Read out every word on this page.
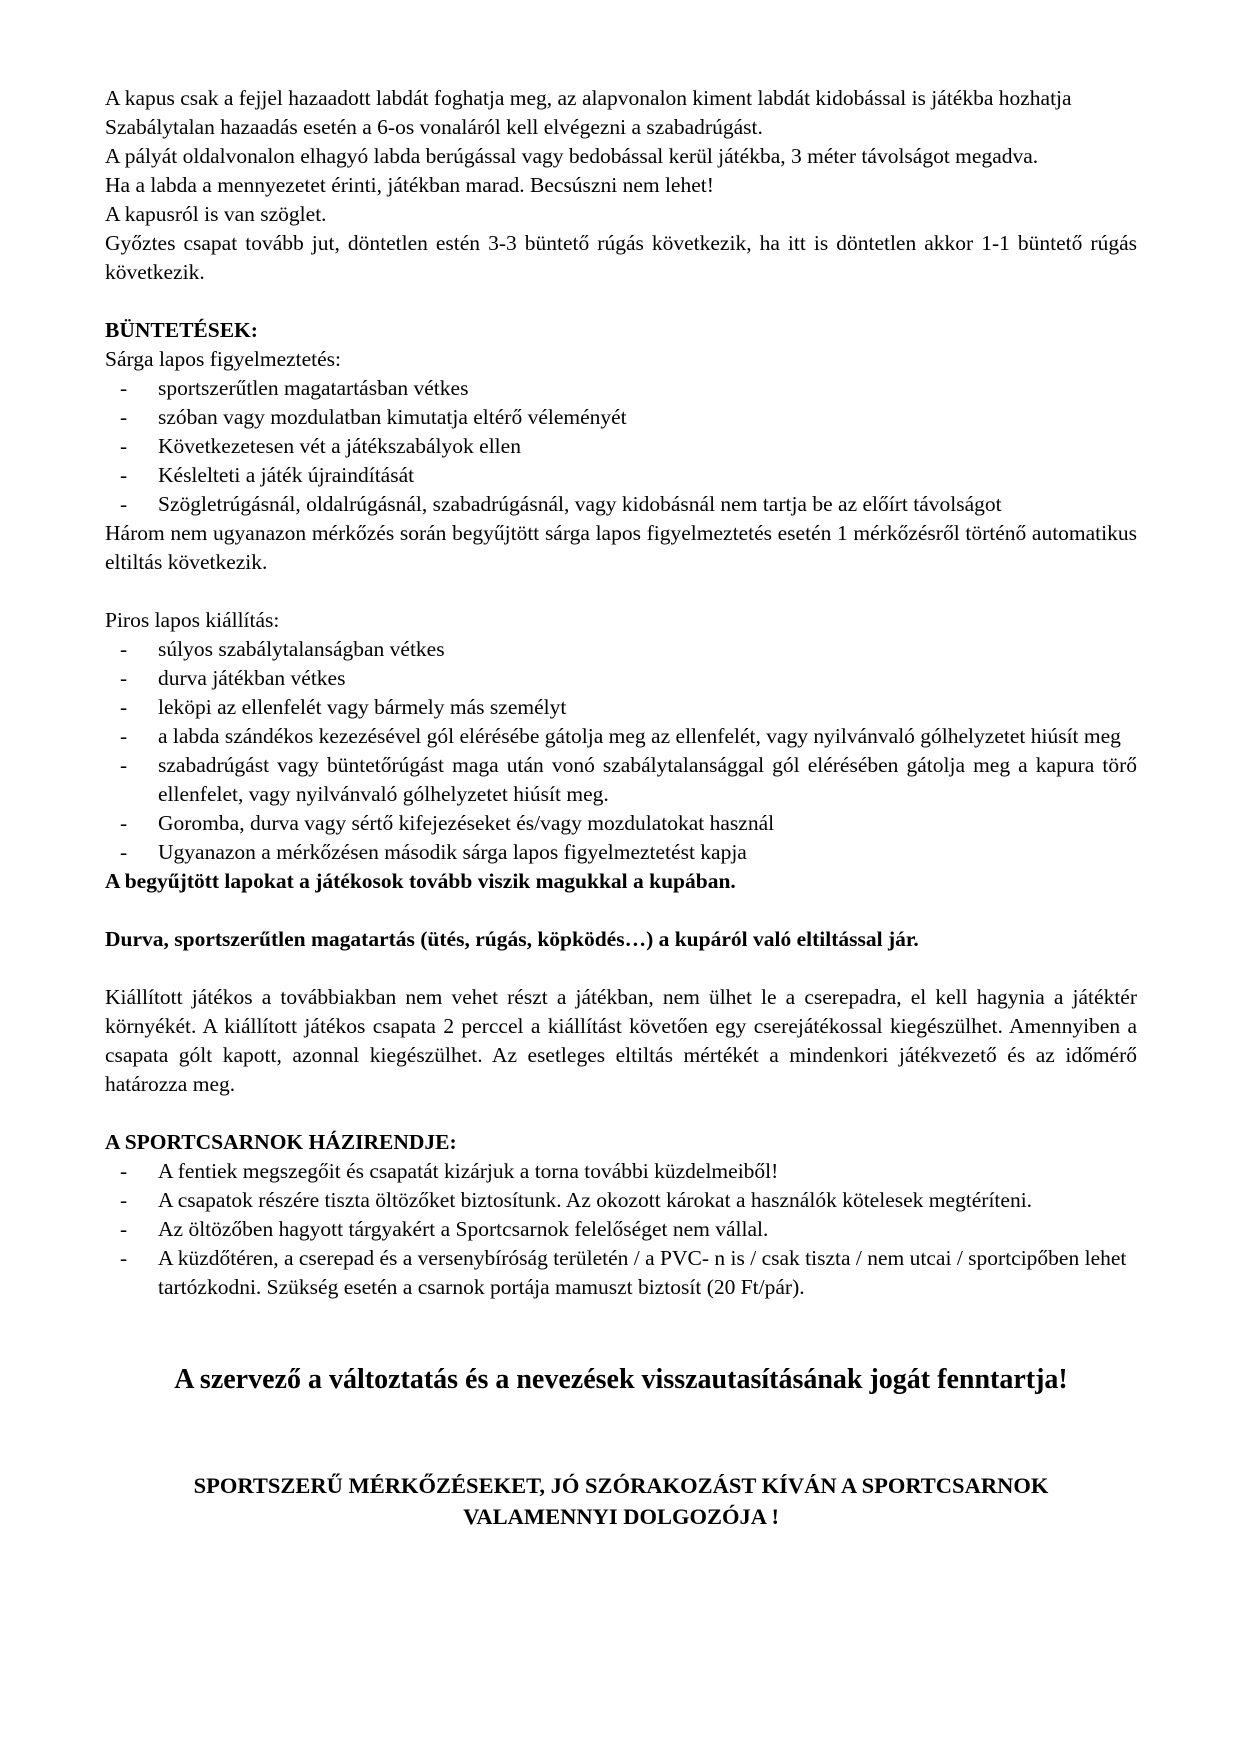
A kapus csak a fejjel hazaadott labdát foghatja meg, az alapvonalon kiment labdát kidobással is játékba hozhatja

Szabálytalan hazaadás esetén a 6-os vonaláról kell elvégezni a szabadrúgást.

A pályát oldalvonalon elhagyó labda berúgással vagy bedobással kerül játékba, 3 méter távolságot megadva.

Ha a labda a mennyezetet érinti, játékban marad. Becsúszni nem lehet!

A kapusról is van szöglet.

Győztes csapat tovább jut, döntetlen estén 3-3 büntető rúgás következik, ha itt is döntetlen akkor 1-1 büntető rúgás következik.

BÜNTETÉSEK:

Sárga lapos figyelmeztetés:

-	sportszerűtlen magatartásban vétkes
-	szóban vagy mozdulatban kimutatja eltérő véleményét
-	Következetesen vét a játékszabályok ellen
-	Késlelteti a játék újraindítását
-	Szögletrúgásnál, oldalrúgásnál, szabadrúgásnál, vagy kidobásnál nem tartja be az előírt távolságot

Három nem ugyanazon mérkőzés során begyűjtött sárga lapos figyelmeztetés esetén 1 mérkőzésről történő automatikus eltiltás következik.

Piros lapos kiállítás:

-	súlyos szabálytalanságban vétkes
-	durva játékban vétkes
-	leköpi az ellenfelét vagy bármely más személyt
-	a labda szándékos kezezésével gól elérésébe gátolja meg az ellenfelét, vagy nyilvánvaló gólhelyzetet hiúsít meg
-	szabadrúgást vagy büntetőrúgást maga után vonó szabálytalansággal gól elérésében gátolja meg a kapura törő ellenfelet, vagy nyilvánvaló gólhelyzetet hiúsít meg.
-	Goromba, durva vagy sértő kifejezéseket és/vagy mozdulatokat használ
-	Ugyanazon a mérkőzésen második sárga lapos figyelmeztetést kapja

A begyűjtött lapokat a játékosok tovább viszik magukkal a kupában.

Durva, sportszerűtlen magatartás (ütés, rúgás, köpködés…) a kupáról való eltiltással jár.

Kiállított játékos a továbbiakban nem vehet részt a játékban, nem ülhet le a cserepadra, el kell hagynia a játéktér környékét. A kiállított játékos csapata 2 perccel a kiállítást követően egy cserejátékossal kiegészülhet. Amennyiben a csapata gólt kapott, azonnal kiegészülhet. Az esetleges eltiltás mértékét a mindenkori játékvezető és az időmérő határozza meg.

A SPORTCSARNOK HÁZIRENDJE:

-	A fentiek megszegőit és csapatát kizárjuk a torna további küzdelmeiből!
-	A csapatok részére tiszta öltözőket biztosítunk. Az okozott károkat a használók kötelesek megtéríteni.
-	Az öltözőben hagyott tárgyakért a Sportcsarnok felelőséget nem vállal.
-	A küzdőtéren, a cserepad és a versenybíróság területén / a PVC- n is / csak tiszta / nem utcai / sportcipőben lehet tartózkodni. Szükség esetén a csarnok portája mamuszt biztosít (20 Ft/pár).
A szervező a változtatás és a nevezések visszautasításának jogát fenntartja!
SPORTSZERŰ MÉRKŐZÉSEKET, JÓ SZÓRAKOZÁST KÍVÁN A SPORTCSARNOK
VALAMENNYI DOLGOZÓJA !
